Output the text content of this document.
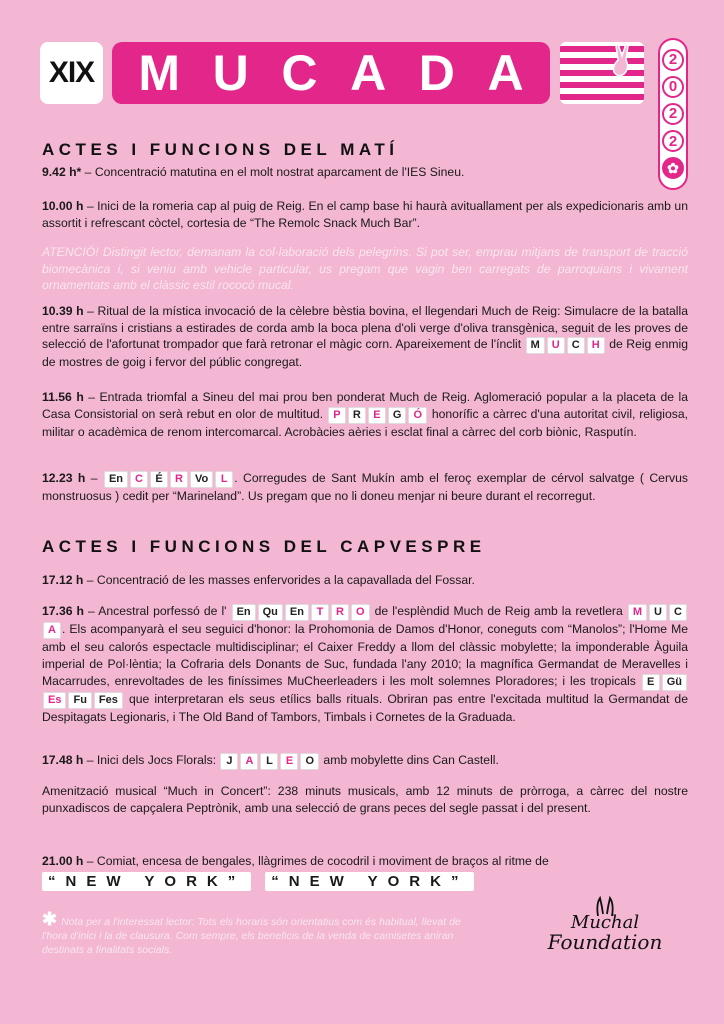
XIX M U C A D A	2
0
2
2
✿
ACTES I FUNCIONS DEL MATÍ
9.42 h* – Concentració matutina en el molt nostrat aparcament de l'IES Sineu.
10.00 h – Inici de la romeria cap al puig de Reig. En el camp base hi haurà avituallament per als expedicionaris amb un assortit i refrescant còctel, cortesia de “The Remolc Snack Much Bar”.
ATENCIÓ! Distingit lector, demanam la col·laboració dels pelegrins. Si pot ser, emprau mitjans de transport de tracció biomecànica i, si veniu amb vehicle particular, us pregam que vagin ben carregats de parroquians i vivament ornamentats amb el clàssic estil rococó mucal.
10.39 h – Ritual de la mística invocació de la cèlebre bèstia bovina, el llegendari Much de Reig: Simulacre de la batalla entre sarraïns i cristians a estirades de corda amb la boca plena d'oli verge d'oliva transgènica, seguit de les proves de selecció de l'afortunat trompador que farà retronar el màgic corn. Apareixement de l'ínclit M U C H de Reig enmig de mostres de goig i fervor del públic congregat.
11.56 h – Entrada triomfal a Sineu del mai prou ben ponderat Much de Reig. Aglomeració popular a la placeta de la Casa Consistorial on serà rebut en olor de multitud. P R E G Ó honorífic a càrrec d'una autoritat civil, religiosa, militar o acadèmica de renom intercomarcal. Acrobàcies aèries i esclat final a càrrec del corb biònic, Rasputín.
12.23 h – En C É R Vo L . Corregudes de Sant Mukín amb el feroç exemplar de cérvol salvatge ( Cervus monstruosus ) cedit per “Marineland”. Us pregam que no li doneu menjar ni beure durant el recorregut.
ACTES I FUNCIONS DEL CAPVESPRE
17.12 h – Concentració de les masses enfervorides a la capavallada del Fossar.
17.36 h – Ancestral porfessó de l' En Qu En T R O de l'esplèndid Much de Reig amb la revetlera M U CA . Els acompanyarà el seu seguici d'honor: la Prohomonia de Damos d'Honor, coneguts com “Manolos”; l'Home Me amb el seu calorós espectacle multidisciplinar; el Caixer Freddy a llom del clàssic mobylette; la imponderable Àguila imperial de Pol·lèntia; la Cofraria dels Donants de Suc, fundada l'any 2010; la magnífica Germandat de Meravelles i Macarrudes, enrevoltades de les finíssimes MuCheerleaders i les molt solemnes Ploradores; i les tropicals E GüEs Fu Fes que interpretaran els seus etílics balls rituals. Obriran pas entre l'excitada multitud la Germandat de Despitagats Legionaris, i The Old Band of Tambors, Timbals i Cornetes de la Graduada.
17.48 h – Inici dels Jocs Florals: J A L E O amb mobylette dins Can Castell.
Amenització musical “Much in Concert”: 238 minuts musicals, amb 12 minuts de pròrroga, a càrrec del nostre punxadiscos de capçalera Peptrònik, amb una selecció de grans peces del segle passat i del present.
21.00 h – Comiat, encesa de bengales, llàgrimes de cocodril i moviment de braços al ritme de
“NEW YORK”	“NEW YORK”
✱ Nota per a l'interessat lector: Tots els horaris són orientatius com és habitual, llevat de l'hora d'inici i la de clausura. Com sempre, els beneficis de la venda de camisetes aniran destinats a finalitats socials.
Muchal
Foundation
